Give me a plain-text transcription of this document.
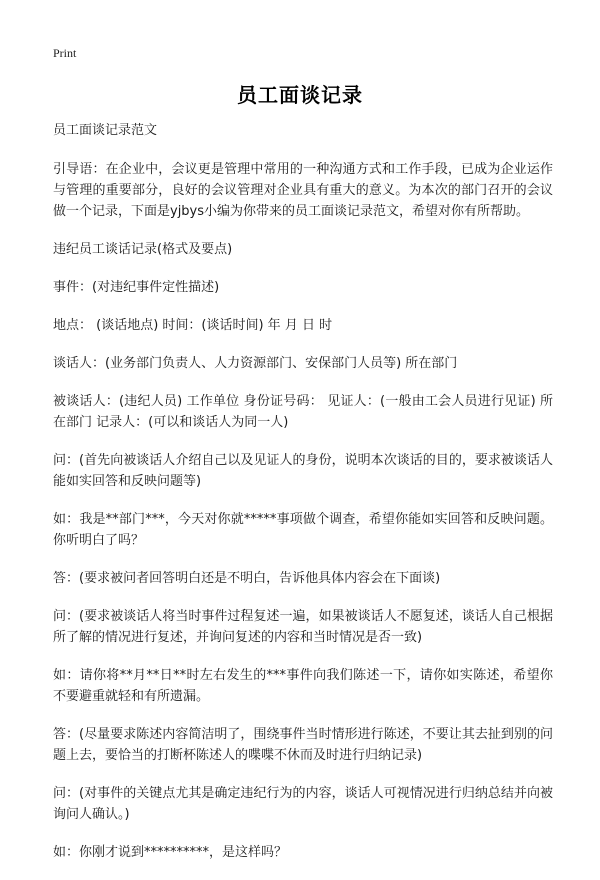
Print
员工面谈记录

员工面谈记录范文

引导语：在企业中，会议更是管理中常用的一种沟通方式和工作手段，已成为企业运作与管理的重要部分，良好的会议管理对企业具有重大的意义。为本次的部门召开的会议做一个记录，下面是yjbys小编为你带来的员工面谈记录范文，希望对你有所帮助。

违纪员工谈话记录(格式及要点)

事件：(对违纪事件定性描述)

地点： (谈话地点) 时间：(谈话时间) 年 月 日 时

谈话人：(业务部门负责人、人力资源部门、安保部门人员等) 所在部门

被谈话人：(违纪人员) 工作单位 身份证号码： 见证人：(一般由工会人员进行见证) 所在部门 记录人：(可以和谈话人为同一人)

问：(首先向被谈话人介绍自己以及见证人的身份，说明本次谈话的目的，要求被谈话人能如实回答和反映问题等)

如：我是**部门***，今天对你就*****事项做个调查，希望你能如实回答和反映问题。你听明白了吗？

答：(要求被问者回答明白还是不明白，告诉他具体内容会在下面谈)

问：(要求被谈话人将当时事件过程复述一遍，如果被谈话人不愿复述，谈话人自己根据所了解的情况进行复述，并询问复述的内容和当时情况是否一致)

如：请你将**月**日**时左右发生的***事件向我们陈述一下，请你如实陈述，希望你不要避重就轻和有所遗漏。

答：(尽量要求陈述内容简洁明了，围绕事件当时情形进行陈述，不要让其去扯到别的问题上去，要恰当的打断杯陈述人的喋喋不休而及时进行归纳记录)

问：(对事件的关键点尤其是确定违纪行为的内容，谈话人可视情况进行归纳总结并向被询问人确认。)

如：你刚才说到**********，是这样吗？
